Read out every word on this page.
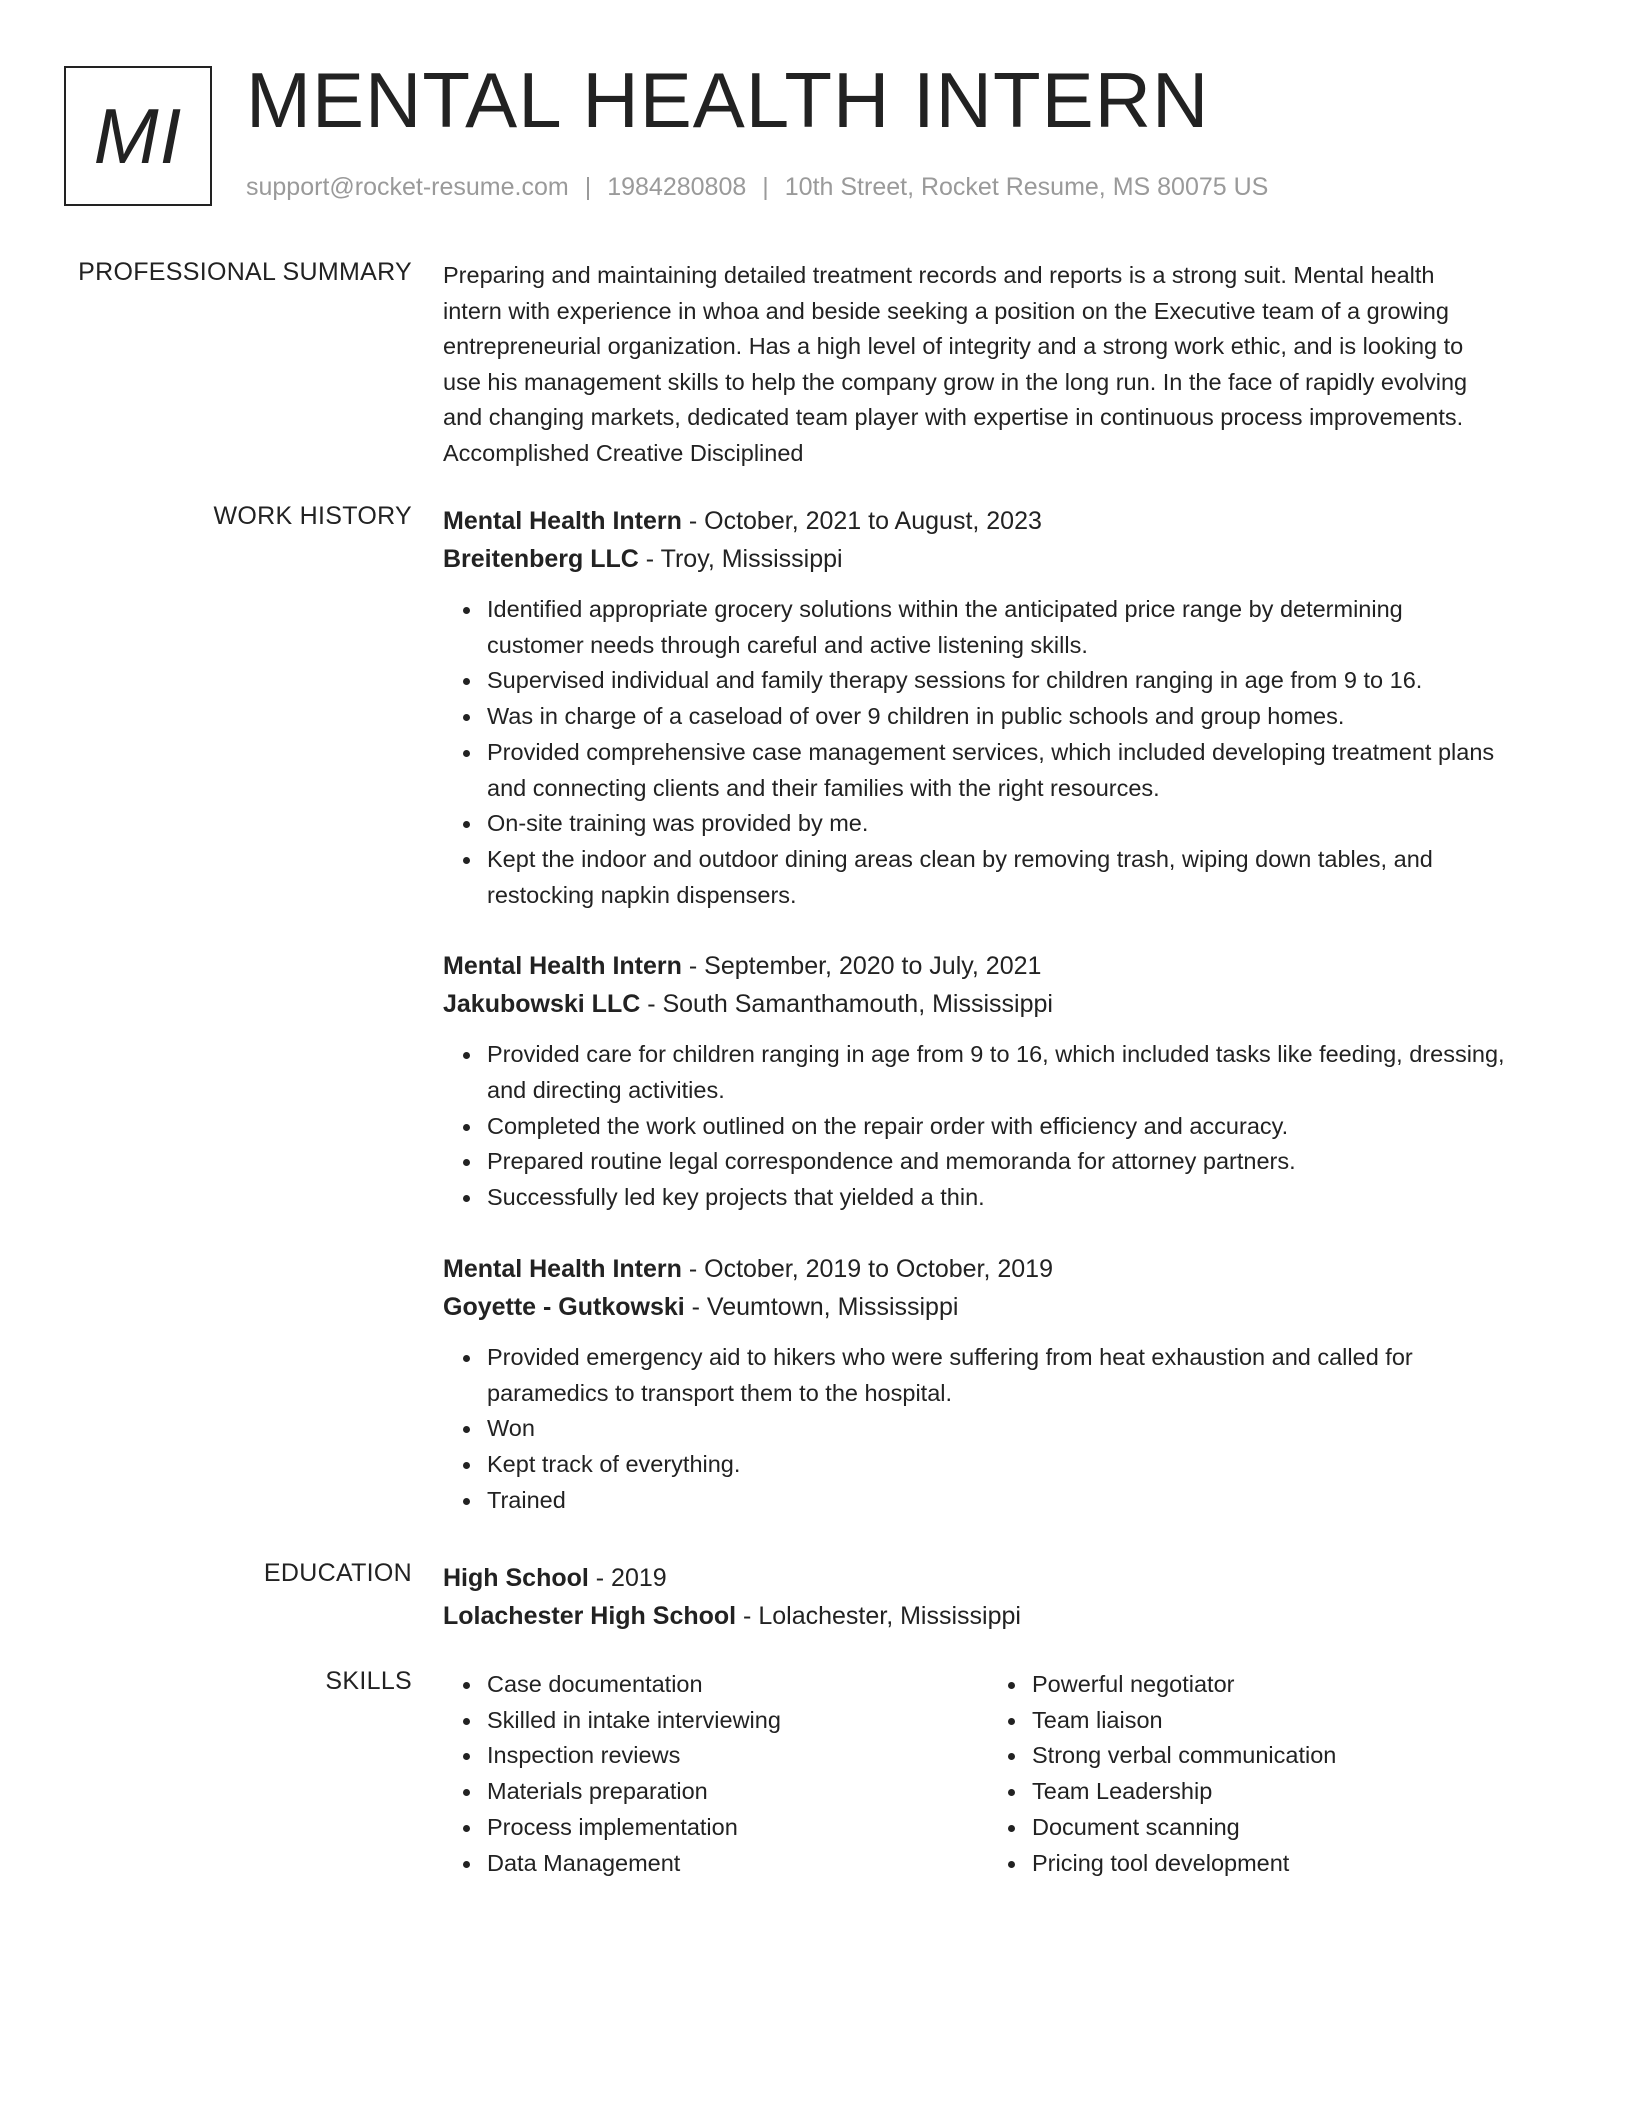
MI MENTAL HEALTH INTERN
support@rocket-resume.com | 1984280808 | 10th Street, Rocket Resume, MS 80075 US
PROFESSIONAL SUMMARY Preparing and maintaining detailed treatment records and reports is a strong suit. Mental health
intern with experience in whoa and beside seeking a position on the Executive team of a growing
entrepreneurial organization. Has a high level of integrity and a strong work ethic, and is looking to
use his management skills to help the company grow in the long run. In the face of rapidly evolving
and changing markets, dedicated team player with expertise in continuous process improvements.
Accomplished Creative Disciplined
WORK HISTORY Mental Health Intern - October, 2021 to August, 2023
Breitenberg LLC - Troy, Mississippi
Identified appropriate grocery solutions within the anticipated price range by determining
customer needs through careful and active listening skills.
Supervised individual and family therapy sessions for children ranging in age from 9 to 16.
Was in charge of a caseload of over 9 children in public schools and group homes.
Provided comprehensive case management services, which included developing treatment plans
and connecting clients and their families with the right resources.
On-site training was provided by me.
Kept the indoor and outdoor dining areas clean by removing trash, wiping down tables, and
restocking napkin dispensers.
Mental Health Intern - September, 2020 to July, 2021
Jakubowski LLC - South Samanthamouth, Mississippi
Provided care for children ranging in age from 9 to 16, which included tasks like feeding, dressing,
and directing activities.
Completed the work outlined on the repair order with efficiency and accuracy.
Prepared routine legal correspondence and memoranda for attorney partners.
Successfully led key projects that yielded a thin.
Mental Health Intern - October, 2019 to October, 2019
Goyette - Gutkowski - Veumtown, Mississippi
Provided emergency aid to hikers who were suffering from heat exhaustion and called for
paramedics to transport them to the hospital.
Won
Kept track of everything.
Trained
EDUCATION High School - 2019
Lolachester High School - Lolachester, Mississippi
SKILLS	Case documentation
Skilled in intake interviewing
Inspection reviews
Materials preparation
Process implementation
Data Management
Powerful negotiator
Team liaison
Strong verbal communication
Team Leadership
Document scanning
Pricing tool development
